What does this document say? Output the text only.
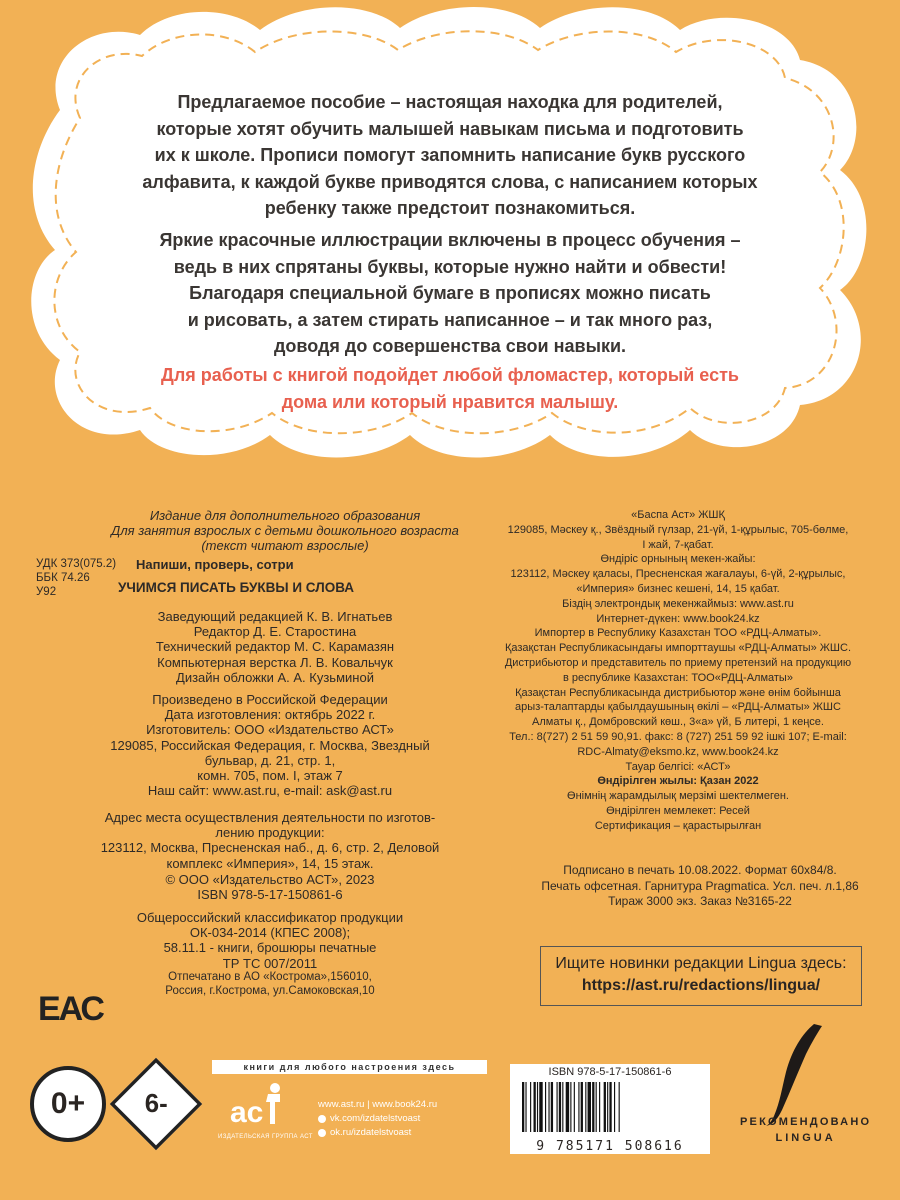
Предлагаемое пособие – настоящая находка для родителей,

которые хотят обучить малышей навыкам письма и подготовить

их к школе. Прописи помогут запомнить написание букв русского

алфавита, к каждой букве приводятся слова, с написанием которых

ребенку также предстоит познакомиться.

Яркие красочные иллюстрации включены в процесс обучения –

ведь в них спрятаны буквы, которые нужно найти и обвести!

Благодаря специальной бумаге в прописях можно писать

и рисовать, а затем стирать написанное – и так много раз,

доводя до совершенства свои навыки.

Для работы с книгой подойдет любой фломастер, который есть

дома или который нравится малышу.

Издание для дополнительного образования
Для занятия взрослых с детьми дошкольного возраста
(текст читают взрослые)
УДК 373(075.2)
ББК 74.26
У92
Напиши, проверь, сотри
УЧИМСЯ ПИСАТЬ БУКВЫ И СЛОВА
Заведующий редакцией К. В. Игнатьев
Редактор Д. Е. Старостина
Технический редактор М. С. Карамазян
Компьютерная верстка Л. В. Ковальчук
Дизайн обложки А. А. Кузьминой
Произведено в Российской Федерации
Дата изготовления: октябрь 2022 г.
Изготовитель: ООО «Издательство АСТ»
129085, Российская Федерация, г. Москва, Звездный
бульвар, д. 21, стр. 1,
комн. 705, пом. I, этаж 7
Наш сайт: www.ast.ru, e-mail: ask@ast.ru
Адрес места осуществления деятельности по изготов-
лению продукции:
123112, Москва, Пресненская наб., д. 6, стр. 2, Деловой
комплекс «Империя», 14, 15 этаж.
© ООО «Издательство АСТ», 2023
ISBN 978-5-17-150861-6
Общероссийский классификатор продукции
ОК-034-2014 (КПЕС 2008);
58.11.1 - книги, брошюры печатные
ТР ТС 007/2011
Отпечатано в АО «Кострома»,156010,
Россия, г.Кострома, ул.Самоковская,10
«Баспа Аст» ЖШҚ
129085, Мәскеу қ., Звёздный гүлзар, 21-үй, 1-құрылыс, 705-бөлме,
I жай, 7-қабат.
Өндіріс орнының мекен-жайы:
123112, Мәскеу қаласы, Пресненская жағалауы, 6-үй, 2-құрылыс,
«Империя» бизнес кешені, 14, 15 қабат.
Біздің электрондық мекенжаймыз: www.ast.ru
Интернет-дүкен: www.book24.kz
Импортер в Республику Казахстан ТОО «РДЦ-Алматы».
Қазақстан Республикасындағы импорттаушы «РДЦ-Алматы» ЖШС.
Дистрибьютор и представитель по приему претензий на продукцию
в республике Казахстан: ТОО«РДЦ-Алматы»
Қазақстан Республикасында дистрибьютор және өнім бойынша
арыз-талаптарды қабылдаушының өкілі – «РДЦ-Алматы» ЖШС
Алматы қ., Домбровский көш., 3«а» үй, Б литері, 1 кеңсе.
Тел.: 8(727) 2 51 59 90,91. факс: 8 (727) 251 59 92 ішкі 107; E-mail:
RDC-Almaty@eksmo.kz, www.book24.kz
Тауар белгісі: «АСТ»
Өндірілген жылы: Қазан 2022
Өнімнің жарамдылық мерзімі шектелмеген.
Өндірілген мемлекет: Ресей
Сертификация – қарастырылған
Подписано в печать 10.08.2022. Формат 60х84/8.
Печать офсетная. Гарнитура Pragmatica. Усл. печ. л.1,86
Тираж 3000 экз. Заказ №3165-22
Ищите новинки редакции Lingua здесь:
https://ast.ru/redactions/lingua/
ЕАС
0+	6-
книги для любого настроения здесь
ac
ИЗДАТЕЛЬСКАЯ ГРУППА АСТ
www.ast.ru | www.book24.ru
vk.com/izdatelstvoast
ok.ru/izdatelstvoast
ISBN 978-5-17-150861-6
9 785171 508616
РЕКОМЕНДОВАНО
LINGUA
